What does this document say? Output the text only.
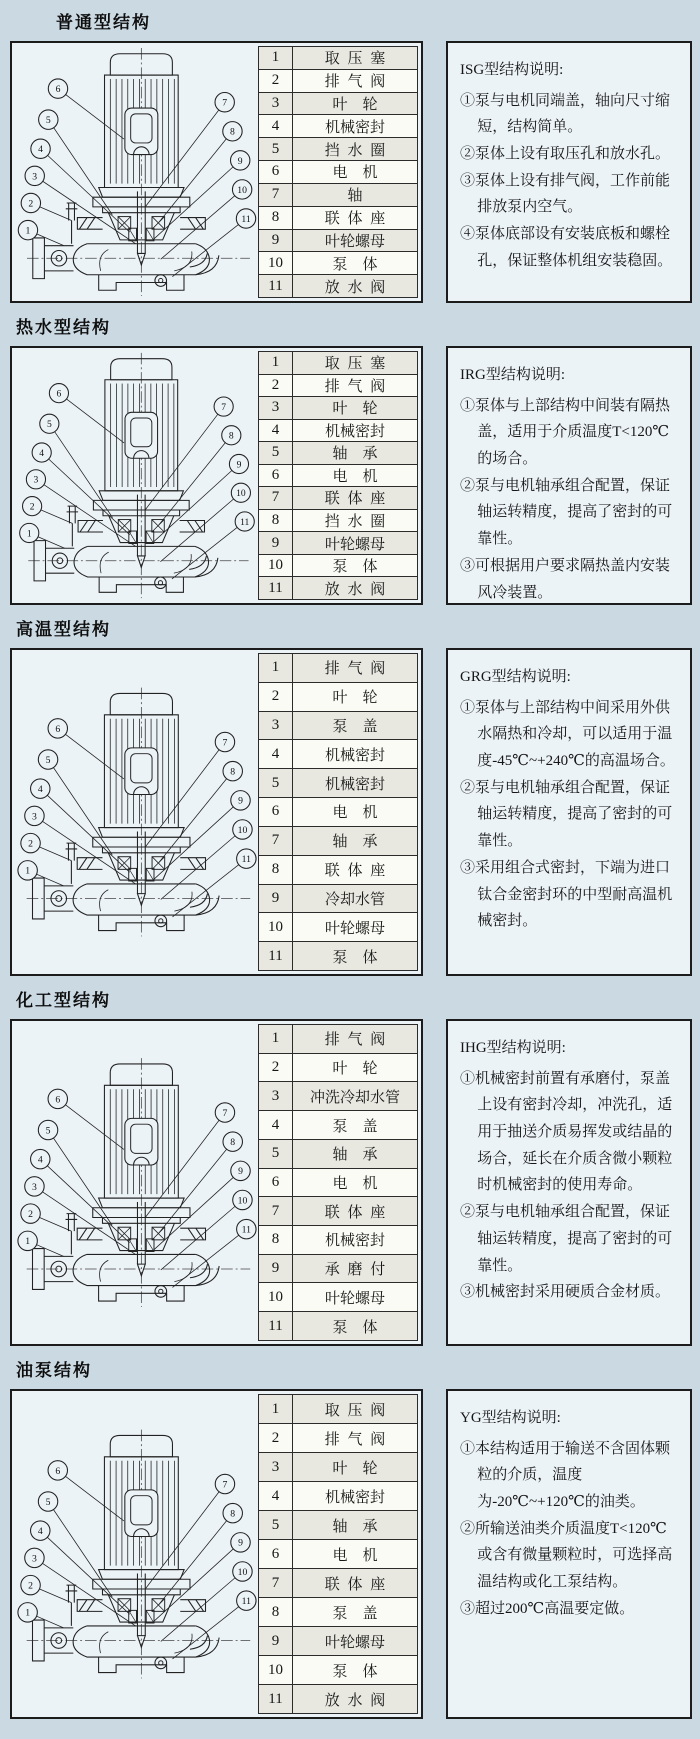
普通型结构
6
5
4
3
2
1
7
8
9
10
11
1	取 压 塞
2	排 气 阀
3	叶　轮
4	机械密封
5	挡 水 圈
6	电　机
7	轴
8	联 体 座
9	叶轮螺母
10	泵　体
11	放 水 阀
ISG型结构说明:

①泵与电机同端盖，轴向尺寸缩短，结构简单。

②泵体上设有取压孔和放水孔。

③泵体上设有排气阀，工作前能排放泵内空气。

④泵体底部设有安装底板和螺栓孔，保证整体机组安装稳固。

热水型结构
6
5
4
3
2
1
7
8
9
10
11
1	取 压 塞
2	排 气 阀
3	叶　轮
4	机械密封
5	轴　承
6	电　机
7	联 体 座
8	挡 水 圈
9	叶轮螺母
10	泵　体
11	放 水 阀
IRG型结构说明:

①泵体与上部结构中间装有隔热盖，适用于介质温度T<120℃的场合。

②泵与电机轴承组合配置，保证轴运转精度，提高了密封的可靠性。

③可根据用户要求隔热盖内安装风冷装置。

高温型结构
6
5
4
3
2
1
7
8
9
10
11
1	排 气 阀
2	叶　轮
3	泵　盖
4	机械密封
5	机械密封
6	电　机
7	轴　承
8	联 体 座
9	冷却水管
10	叶轮螺母
11	泵　体
GRG型结构说明:

①泵体与上部结构中间采用外供水隔热和冷却，可以适用于温度-45℃~+240℃的高温场合。

②泵与电机轴承组合配置，保证轴运转精度，提高了密封的可靠性。

③采用组合式密封，下端为进口钛合金密封环的中型耐高温机械密封。

化工型结构
6
5
4
3
2
1
7
8
9
10
11
1	排 气 阀
2	叶　轮
3	冲洗冷却水管
4	泵　盖
5	轴　承
6	电　机
7	联 体 座
8	机械密封
9	承 磨 付
10	叶轮螺母
11	泵　体
IHG型结构说明:

①机械密封前置有承磨付，泵盖上设有密封冷却，冲洗孔，适用于抽送介质易挥发或结晶的场合，延长在介质含微小颗粒时机械密封的使用寿命。

②泵与电机轴承组合配置，保证轴运转精度，提高了密封的可靠性。

③机械密封采用硬质合金材质。

油泵结构
6
5
4
3
2
1
7
8
9
10
11
1	取 压 阀
2	排 气 阀
3	叶　轮
4	机械密封
5	轴　承
6	电　机
7	联 体 座
8	泵　盖
9	叶轮螺母
10	泵　体
11	放 水 阀
YG型结构说明:

①本结构适用于输送不含固体颗粒的介质，温度为-20℃~+120℃的油类。

②所输送油类介质温度T<120℃或含有微量颗粒时，可选择高温结构或化工泵结构。

③超过200℃高温要定做。
